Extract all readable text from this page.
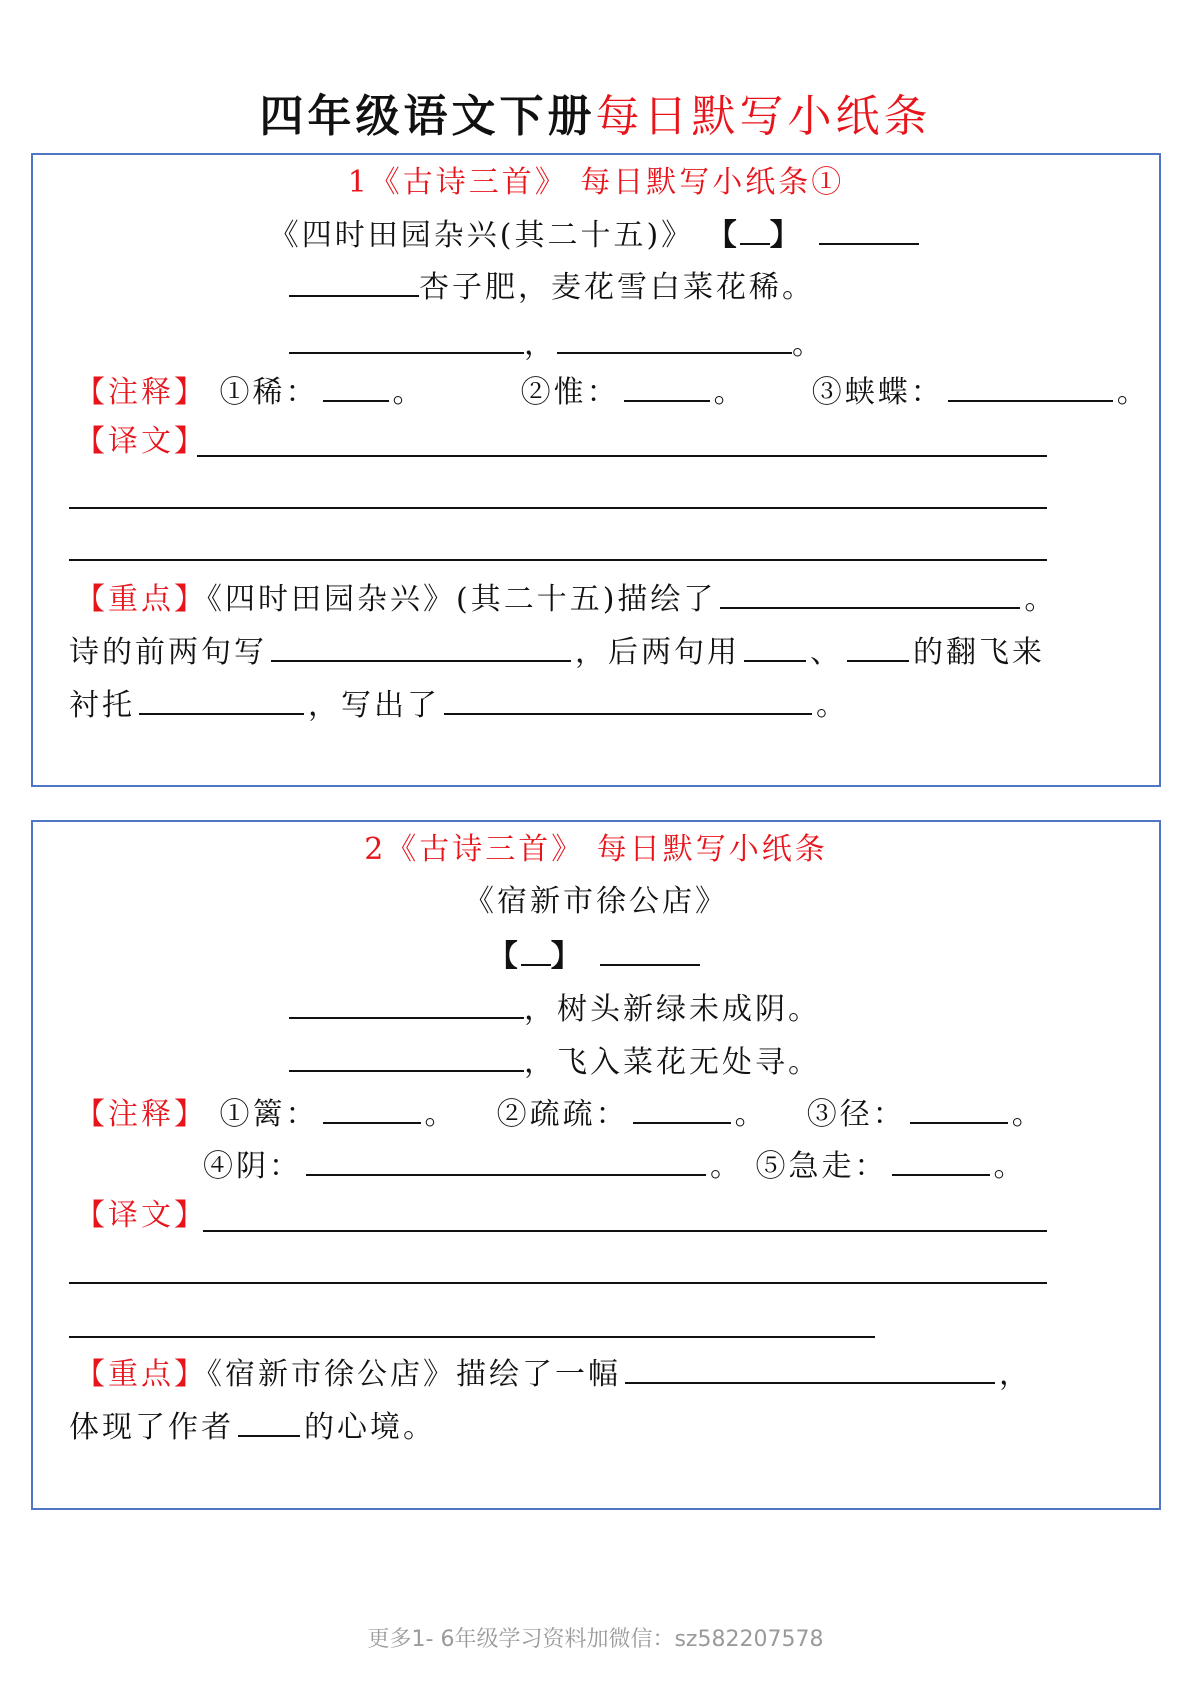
四年级语文下册每日默写小纸条
1《古诗三首》 每日默写小纸条①
《四时田园杂兴(其二十五)》 【 】
杏子肥，麦花雪白菜花稀。
，	。
【注释】 ①稀： 。	②惟：	。 ③蛱蝶：	。
【译文】
【重点】《四时田园杂兴》(其二十五)描绘了	。
诗的前两句写	，后两句用 、 的翻飞来
衬托	，写出了	。
2《古诗三首》 每日默写小纸条
《宿新市徐公店》
【 】
，树头新绿未成阴。
，飞入菜花无处寻。
【注释】 ①篱：	。 ②疏疏：	。 ③径：	。
④阴：	。 ⑤急走：	。
【译文】
【重点】《宿新市徐公店》描绘了一幅	，
体现了作者 的心境。
更多1- 6年级学习资料加微信：sz582207578
